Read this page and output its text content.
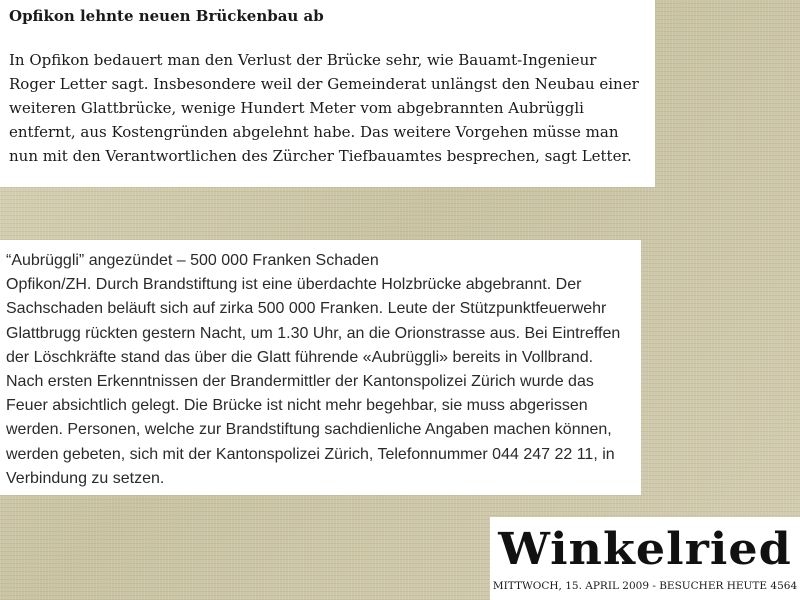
Opfikon lehnte neuen Brückenbau ab

In Opfikon bedauert man den Verlust der Brücke sehr, wie Bauamt-Ingenieur Roger Letter sagt. Insbesondere weil der Gemeinderat unlängst den Neubau einer weiteren Glattbrücke, wenige Hundert Meter vom abgebrannten Aubrüggli entfernt, aus Kostengründen abgelehnt habe. Das weitere Vorgehen müsse man nun mit den Verantwortlichen des Zürcher Tiefbauamtes besprechen, sagt Letter.

“Aubrüggli” angezündet – 500 000 Franken Schaden

Opfikon/ZH. Durch Brandstiftung ist eine überdachte Holzbrücke abgebrannt. Der Sachschaden beläuft sich auf zirka 500 000 Franken. Leute der Stützpunktfeuerwehr Glattbrugg rückten gestern Nacht, um 1.30 Uhr, an die Orionstrasse aus. Bei Eintreffen der Löschkräfte stand das über die Glatt führende «Aubrüggli» bereits in Vollbrand. Nach ersten Erkenntnissen der Brandermittler der Kantonspolizei Zürich wurde das Feuer absichtlich gelegt. Die Brücke ist nicht mehr begehbar, sie muss abgerissen werden. Personen, welche zur Brandstiftung sachdienliche Angaben machen können, werden gebeten, sich mit der Kantonspolizei Zürich, Telefonnummer 044 247 22 11, in Verbindung zu setzen.

Winkelried
MITTWOCH, 15. APRIL 2009 - BESUCHER HEUTE 4564
